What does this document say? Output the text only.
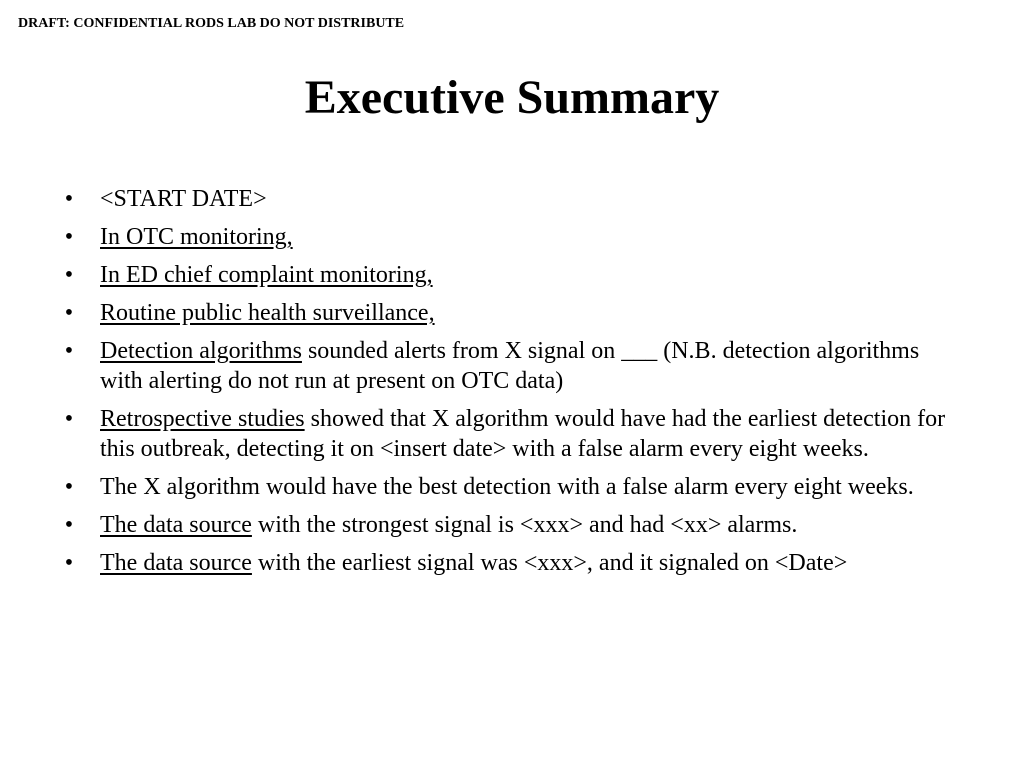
DRAFT: CONFIDENTIAL RODS LAB DO NOT DISTRIBUTE
Executive Summary
• <START DATE>
• In OTC monitoring,
• In ED chief complaint monitoring,
• Routine public health surveillance,
• Detection algorithms sounded alerts from X signal on ___ (N.B. detection algorithms with alerting do not run at present on OTC data)
• Retrospective studies showed that X algorithm would have had the earliest detection for this outbreak, detecting it on <insert date> with a false alarm every eight weeks.
• The X algorithm would have the best detection with a false alarm every eight weeks.
• The data source with the strongest signal is <xxx> and had <xx> alarms.
• The data source with the earliest signal was <xxx>, and it signaled on <Date>
